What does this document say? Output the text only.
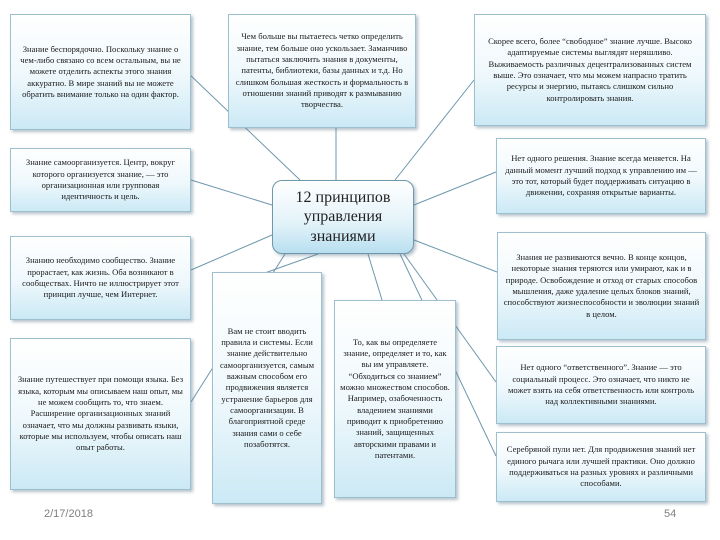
Знание беспорядочно. Поскольку знание о чем-либо связано со всем остальным, вы не можете отделить аспекты этого знания аккуратно. В мире знаний вы не можете обратить внимание только на один фактор.
Чем больше вы пытаетесь четко определить знание, тем больше оно ускользает. Заманчиво пытаться заключить знания в документы, патенты, библиотеки, базы данных и т.д. Но слишком большая жесткость и формальность в отношении знаний приводят к размыванию творчества.
Скорее всего, более “свободное” знание лучше. Высоко адаптируемые системы выглядят неряшливо. Выживаемость различных децентрализованных систем выше. Это означает, что мы можем напрасно тратить ресурсы и энергию, пытаясь слишком сильно контролировать знания.
Знание самоорганизуется. Центр, вокруг которого организуется знание, — это организационная или групповая идентичность и цель.
Нет одного решения. Знание всегда меняется. На данный момент лучший подход к управлению им — это тот, который будет поддерживать ситуацию в движении, сохраняя открытые варианты.
12 принципов управления знаниями
Знанию необходимо сообщество. Знание прорастает, как жизнь. Оба возникают в сообществах. Ничто не иллюстрирует этот принцип лучше, чем Интернет.
Знания не развиваются вечно. В конце концов, некоторые знания теряются или умирают, как и в природе. Освобождение и отход от старых способов мышления, даже удаление целых блоков знаний, способствуют жизнеспособности и эволюции знаний в целом.
Знание путешествует при помощи языка. Без языка, которым мы описываем наш опыт, мы не можем сообщить то, что знаем. Расширение организационных знаний означает, что мы должны развивать языки, которые мы используем, чтобы описать наш опыт работы.
Вам не стоит вводить правила и системы. Если знание действительно самоорганизуется, самым важным способом его продвижения является устранение барьеров для самоорганизации. В благоприятной среде знания сами о себе позаботятся.
То, как вы определяете знание, определяет и то, как вы им управляете. “Обходиться со знанием” можно множеством способов. Например, озабоченность владением знаниями приводит к приобретению знаний, защищенных авторскими правами и патентами.
Нет одного “ответственного”. Знание — это социальный процесс. Это означает, что никто не может взять на себя ответственность или контроль над коллективными знаниями.
Серебряной пули нет. Для продвижения знаний нет единого рычага или лучшей практики. Оно должно поддерживаться на разных уровнях и различными способами.
2/17/2018	54
